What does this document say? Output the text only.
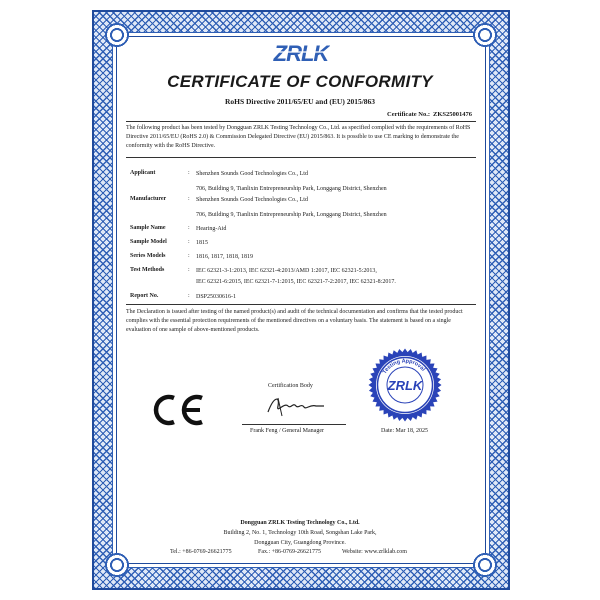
ZRLK
CERTIFICATE OF CONFORMITY
RoHS Directive 2011/65/EU and (EU) 2015/863
Certificate No.: ZKS25001476
The following product has been tested by Dongguan ZRLK Testing Technology Co., Ltd. as specified complied with the requirements of RoHS Directive 2011/65/EU (RoHS 2.0) & Commission Delegated Directive (EU) 2015/863. It is possible to use CE marking to demonstrate the conformity with the RoHS Directive.
Applicant	: Shenzhen Sounds Good Technologies Co., Ltd
706, Building 9, Tianlixin Entrepreneurship Park, Longgang District, Shenzhen
Manufacturer	: Shenzhen Sounds Good Technologies Co., Ltd
706, Building 9, Tianlixin Entrepreneurship Park, Longgang District, Shenzhen
Sample Name	: Hearing-Aid
Sample Model	: 1815
Series Models	: 1816, 1817, 1818, 1819
Test Methods	: IEC 62321-3-1:2013, IEC 62321-4:2013/AMD 1:2017, IEC 62321-5:2013,
IEC 62321-6:2015, IEC 62321-7-1:2015, IEC 62321-7-2:2017, IEC 62321-8:2017.
Report No.	: DSP25030616-1
The Declaration is issued after testing of the named product(s) and audit of the technical documentation and confirms that the tested product complies with the essential protection requirements of the mentioned directives on a voluntary basis. The statement is based on a single evaluation of one sample of above-mentioned products.
Certification Body
Frank Feng / General Manager	Date: Mar 18, 2025
Testing Approval
ZRLK
Dongguan ZRLK Testing Technology Co., Ltd.
Building 2, No. 1, Technology 10th Road, Songshan Lake Park,
Dongguan City, Guangdong Province.
Tel.: +86-0769-26621775	Fax.: +86-0769-26621775	Website: www.zrlklab.com
